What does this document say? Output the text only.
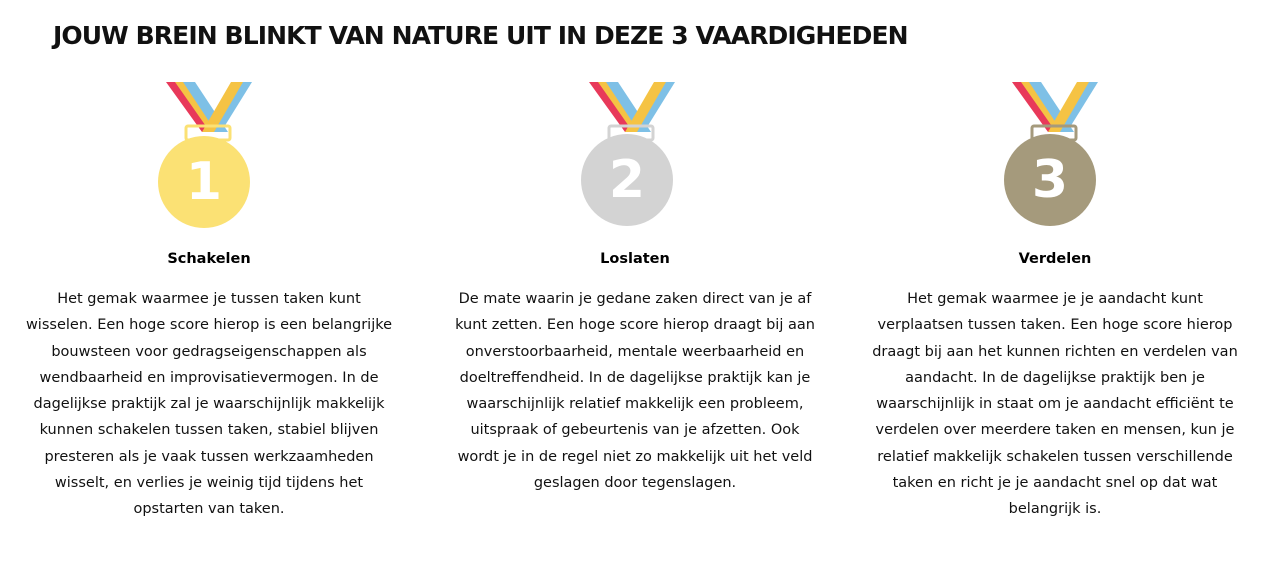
JOUW BREIN BLINKT VAN NATURE UIT IN DEZE 3 VAARDIGHEDEN
1
Schakelen

Het gemak waarmee je tussen taken kunt wisselen. Een hoge score hierop is een belangrijke bouwsteen voor gedragseigenschappen als wendbaarheid en improvisatievermogen. In de dagelijkse praktijk zal je waarschijnlijk makkelijk kunnen schakelen tussen taken, stabiel blijven presteren als je vaak tussen werkzaamheden wisselt, en verlies je weinig tijd tijdens het opstarten van taken.

2
Loslaten

De mate waarin je gedane zaken direct van je af kunt zetten. Een hoge score hierop draagt bij aan onverstoorbaarheid, mentale weerbaarheid en doeltreffendheid. In de dagelijkse praktijk kan je waarschijnlijk relatief makkelijk een probleem, uitspraak of gebeurtenis van je afzetten. Ook wordt je in de regel niet zo makkelijk uit het veld geslagen door tegenslagen.

3
Verdelen

Het gemak waarmee je je aandacht kunt verplaatsen tussen taken. Een hoge score hierop draagt bij aan het kunnen richten en verdelen van aandacht. In de dagelijkse praktijk ben je waarschijnlijk in staat om je aandacht efficiënt te verdelen over meerdere taken en mensen, kun je relatief makkelijk schakelen tussen verschillende taken en richt je je aandacht snel op dat wat belangrijk is.
